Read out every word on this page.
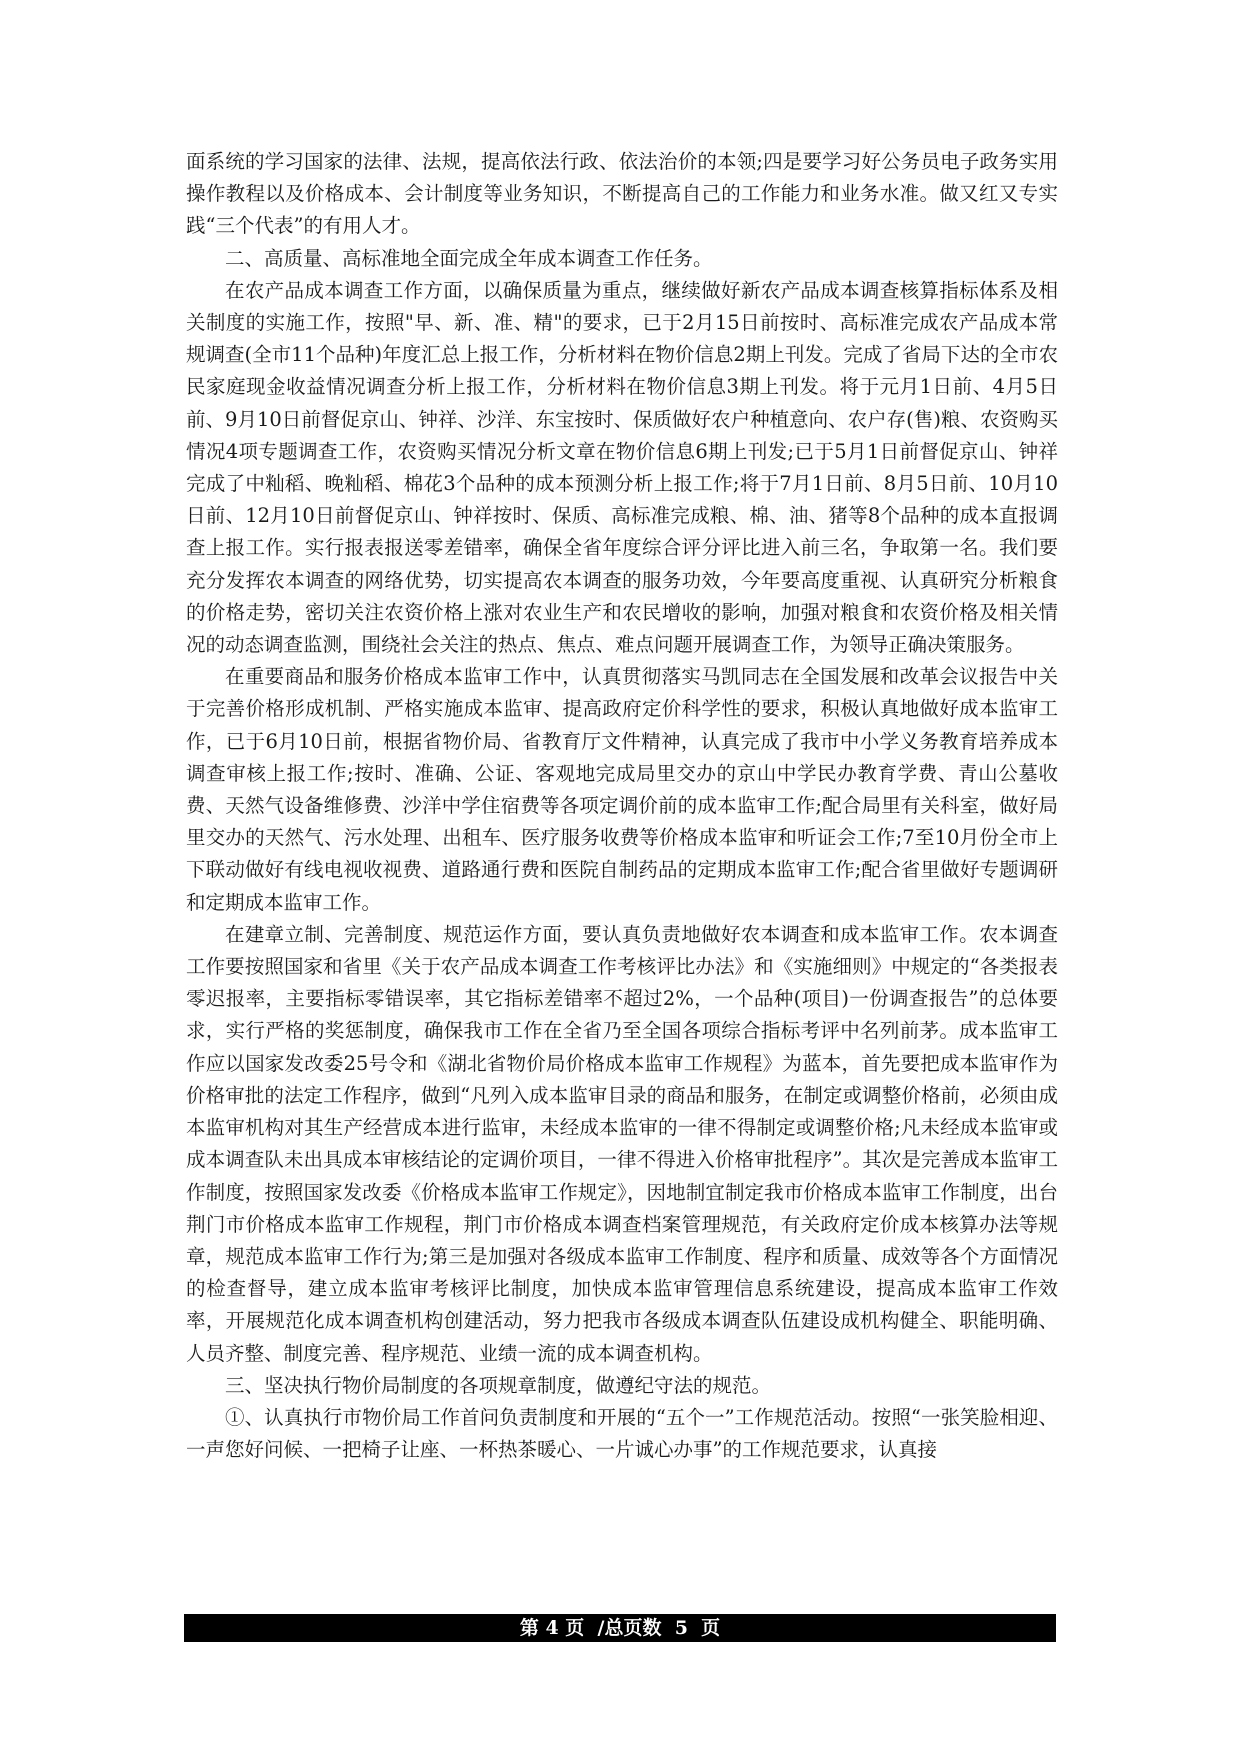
面系统的学习国家的法律、法规，提高依法行政、依法治价的本领;四是要学习好公务员电子政务实用操作教程以及价格成本、会计制度等业务知识，不断提高自己的工作能力和业务水准。做又红又专实践“三个代表”的有用人才。

二、高质量、高标准地全面完成全年成本调查工作任务。

在农产品成本调查工作方面，以确保质量为重点，继续做好新农产品成本调查核算指标体系及相关制度的实施工作，按照"早、新、准、精"的要求，已于2月15日前按时、高标准完成农产品成本常规调查(全市11个品种)年度汇总上报工作，分析材料在物价信息2期上刊发。完成了省局下达的全市农民家庭现金收益情况调查分析上报工作，分析材料在物价信息3期上刊发。将于元月1日前、4月5日前、9月10日前督促京山、钟祥、沙洋、东宝按时、保质做好农户种植意向、农户存(售)粮、农资购买情况4项专题调查工作，农资购买情况分析文章在物价信息6期上刊发;已于5月1日前督促京山、钟祥完成了中籼稻、晚籼稻、棉花3个品种的成本预测分析上报工作;将于7月1日前、8月5日前、10月10日前、12月10日前督促京山、钟祥按时、保质、高标准完成粮、棉、油、猪等8个品种的成本直报调查上报工作。实行报表报送零差错率，确保全省年度综合评分评比进入前三名，争取第一名。我们要充分发挥农本调查的网络优势，切实提高农本调查的服务功效，今年要高度重视、认真研究分析粮食的价格走势，密切关注农资价格上涨对农业生产和农民增收的影响，加强对粮食和农资价格及相关情况的动态调查监测，围绕社会关注的热点、焦点、难点问题开展调查工作，为领导正确决策服务。

在重要商品和服务价格成本监审工作中，认真贯彻落实马凯同志在全国发展和改革会议报告中关于完善价格形成机制、严格实施成本监审、提高政府定价科学性的要求，积极认真地做好成本监审工作，已于6月10日前，根据省物价局、省教育厅文件精神，认真完成了我市中小学义务教育培养成本调查审核上报工作;按时、准确、公证、客观地完成局里交办的京山中学民办教育学费、青山公墓收费、天然气设备维修费、沙洋中学住宿费等各项定调价前的成本监审工作;配合局里有关科室，做好局里交办的天然气、污水处理、出租车、医疗服务收费等价格成本监审和听证会工作;7至10月份全市上下联动做好有线电视收视费、道路通行费和医院自制药品的定期成本监审工作;配合省里做好专题调研和定期成本监审工作。

在建章立制、完善制度、规范运作方面，要认真负责地做好农本调查和成本监审工作。农本调查工作要按照国家和省里《关于农产品成本调查工作考核评比办法》和《实施细则》中规定的“各类报表零迟报率，主要指标零错误率，其它指标差错率不超过2%，一个品种(项目)一份调查报告”的总体要求，实行严格的奖惩制度，确保我市工作在全省乃至全国各项综合指标考评中名列前茅。成本监审工作应以国家发改委25号令和《湖北省物价局价格成本监审工作规程》为蓝本，首先要把成本监审作为价格审批的法定工作程序，做到“凡列入成本监审目录的商品和服务，在制定或调整价格前，必须由成本监审机构对其生产经营成本进行监审，未经成本监审的一律不得制定或调整价格;凡未经成本监审或成本调查队未出具成本审核结论的定调价项目，一律不得进入价格审批程序”。其次是完善成本监审工作制度，按照国家发改委《价格成本监审工作规定》，因地制宜制定我市价格成本监审工作制度，出台荆门市价格成本监审工作规程，荆门市价格成本调查档案管理规范，有关政府定价成本核算办法等规章，规范成本监审工作行为;第三是加强对各级成本监审工作制度、程序和质量、成效等各个方面情况的检查督导，建立成本监审考核评比制度，加快成本监审管理信息系统建设，提高成本监审工作效率，开展规范化成本调查机构创建活动，努力把我市各级成本调查队伍建设成机构健全、职能明确、人员齐整、制度完善、程序规范、业绩一流的成本调查机构。

三、坚决执行物价局制度的各项规章制度，做遵纪守法的规范。

①、认真执行市物价局工作首问负责制度和开展的“五个一”工作规范活动。按照“一张笑脸相迎、一声您好问候、一把椅子让座、一杯热茶暖心、一片诚心办事”的工作规范要求，认真接

第 4 页  /总页数  5  页
